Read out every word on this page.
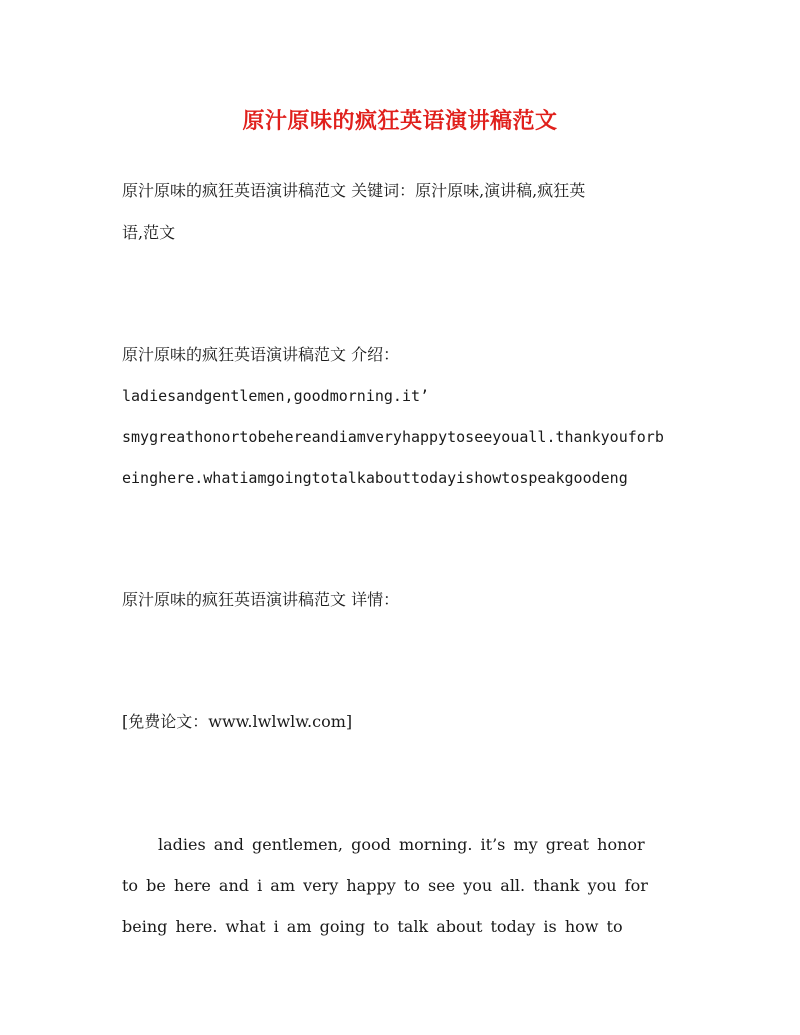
原汁原味的疯狂英语演讲稿范文
原汁原味的疯狂英语演讲稿范文 关键词：原汁原味,演讲稿,疯狂英
语,范文
原汁原味的疯狂英语演讲稿范文 介绍：
ladiesandgentlemen,goodmorning.it’
smygreathonortobehereandiamveryhappytoseeyouall.thankyouforb
einghere.whatiamgoingtotalkabouttodayishowtospeakgoodeng
原汁原味的疯狂英语演讲稿范文 详情：
[免费论文：www.lwlwlw.com]
ladies and gentlemen, good morning. it’s my great honor
to be here and i am very happy to see you all. thank you for
being here. what i am going to talk about today is how to
